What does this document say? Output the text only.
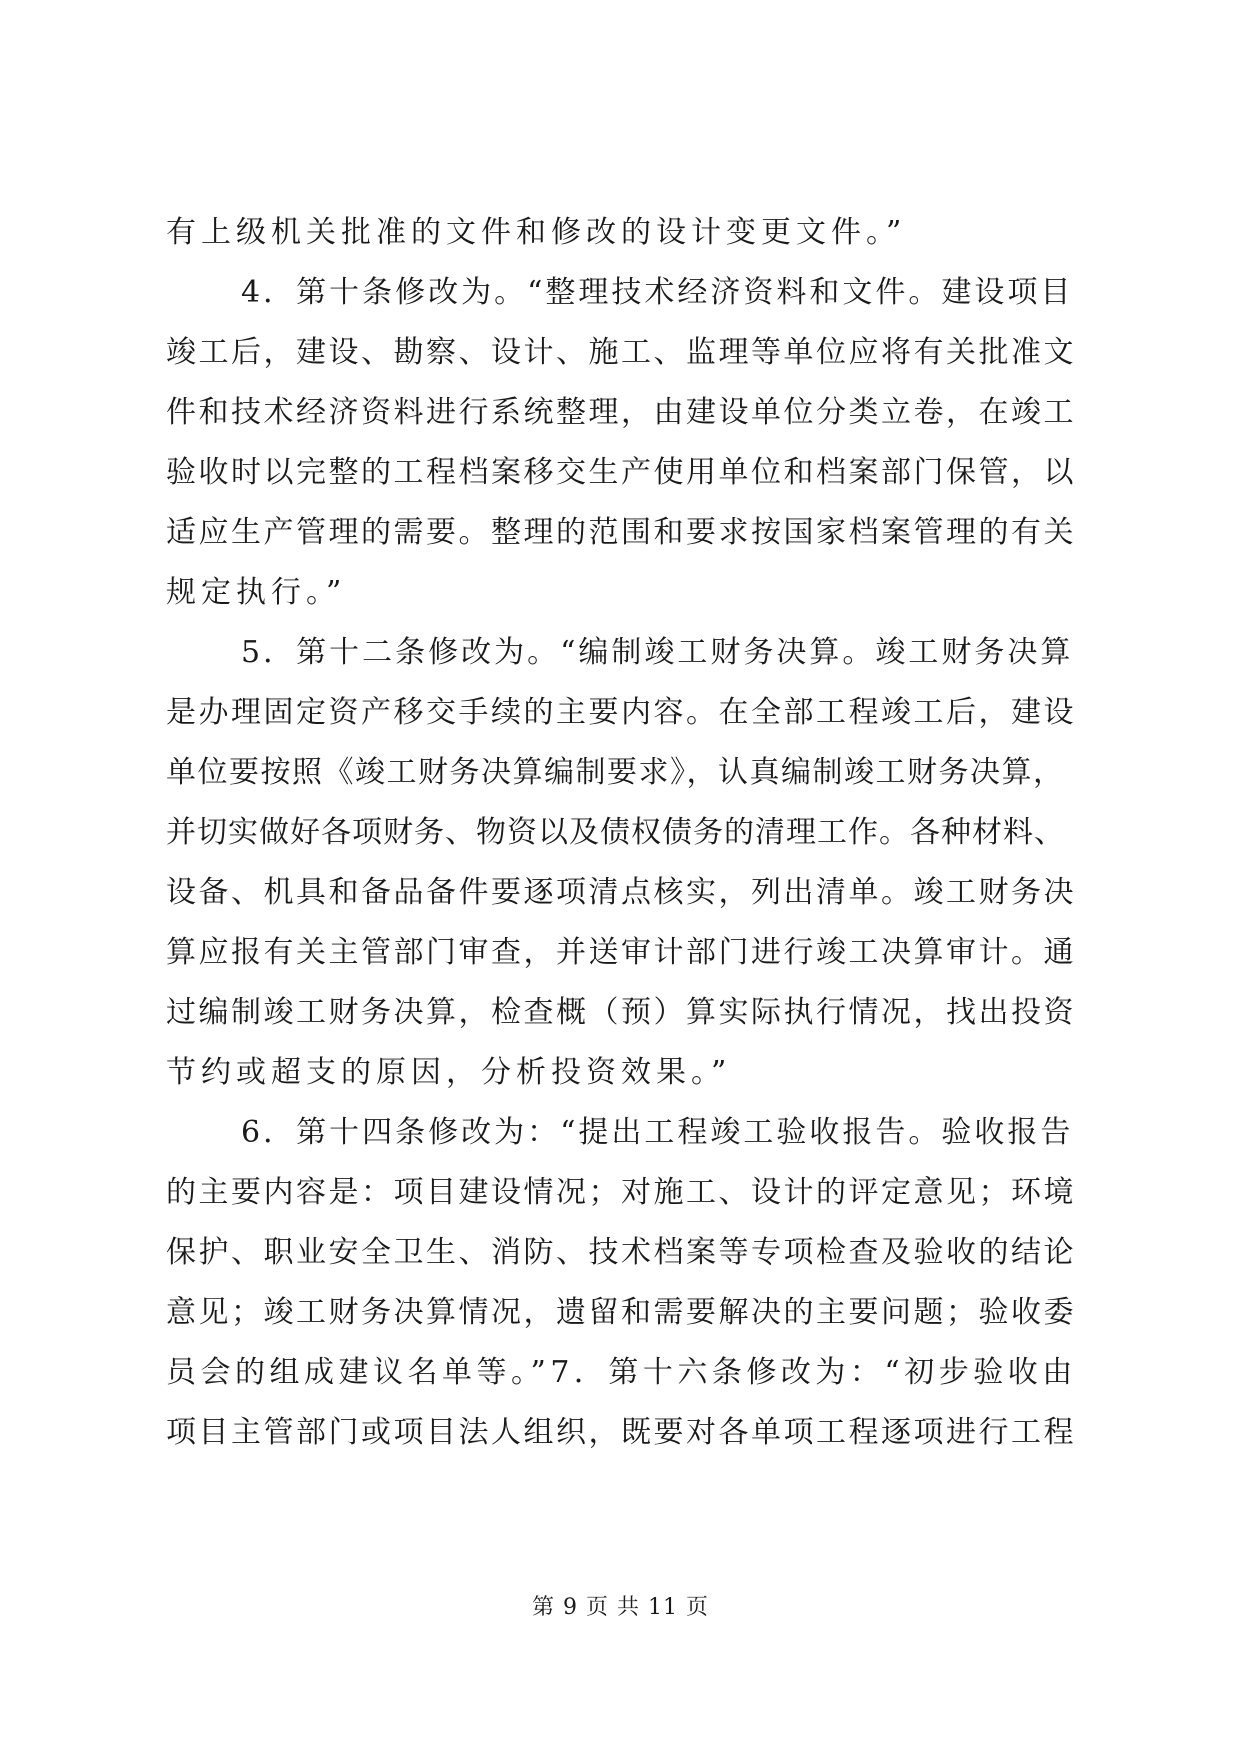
有上级机关批准的文件和修改的设计变更文件。”
4．第十条修改为。“整理技术经济资料和文件。建设项目
竣工后，建设、勘察、设计、施工、监理等单位应将有关批准文
件和技术经济资料进行系统整理，由建设单位分类立卷，在竣工
验收时以完整的工程档案移交生产使用单位和档案部门保管，以
适应生产管理的需要。整理的范围和要求按国家档案管理的有关
规定执行。”
5．第十二条修改为。“编制竣工财务决算。竣工财务决算
是办理固定资产移交手续的主要内容。在全部工程竣工后，建设
单位要按照《竣工财务决算编制要求》，认真编制竣工财务决算，
并切实做好各项财务、物资以及债权债务的清理工作。各种材料、
设备、机具和备品备件要逐项清点核实，列出清单。竣工财务决
算应报有关主管部门审查，并送审计部门进行竣工决算审计。通
过编制竣工财务决算，检查概（预）算实际执行情况，找出投资
节约或超支的原因，分析投资效果。”
6．第十四条修改为：“提出工程竣工验收报告。验收报告
的主要内容是：项目建设情况；对施工、设计的评定意见；环境
保护、职业安全卫生、消防、技术档案等专项检查及验收的结论
意见；竣工财务决算情况，遗留和需要解决的主要问题；验收委
员会的组成建议名单等。”7．第十六条修改为：“初步验收由
项目主管部门或项目法人组织，既要对各单项工程逐项进行工程
第 9 页 共 11 页
